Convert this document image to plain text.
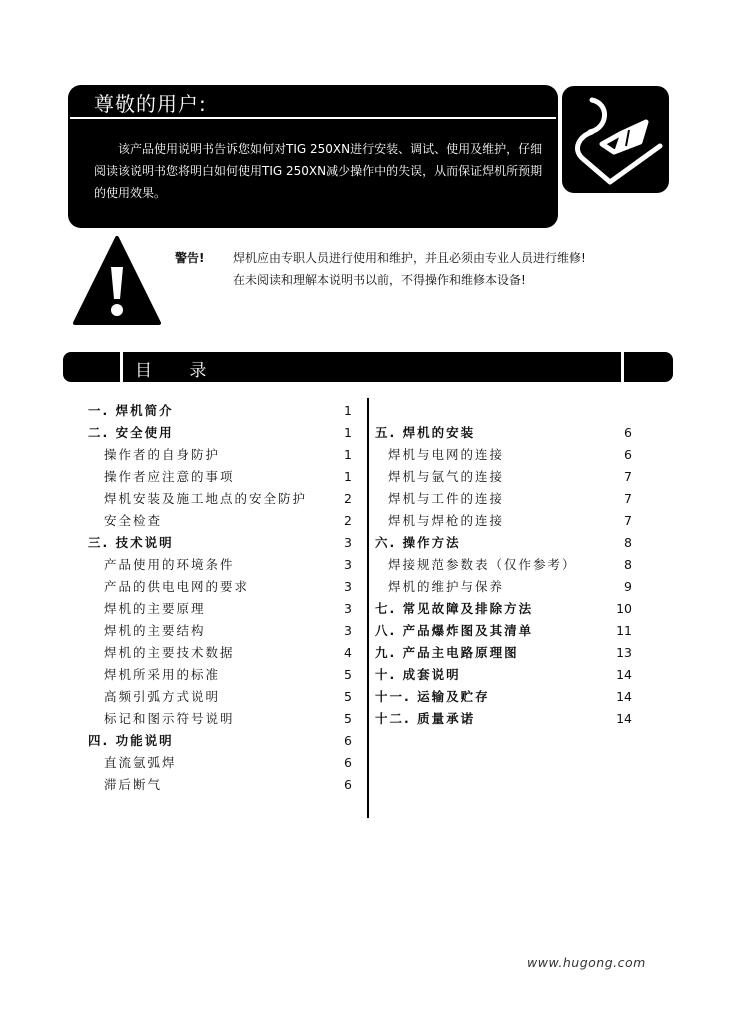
尊敬的用户:
该产品使用说明书告诉您如何对TIG 250XN进行安装、调试、使用及维护，仔细阅读该说明书您将明白如何使用TIG 250XN减少操作中的失误，从而保证焊机所预期的使用效果。
警告! 焊机应由专职人员进行使用和维护，并且必须由专业人员进行维修!
在未阅读和理解本说明书以前，不得操作和维修本设备!
目 录
一. 焊机简介	1
二. 安全使用	1
操作者的自身防护	1
操作者应注意的事项	1
焊机安装及施工地点的安全防护	2
安全检查	2
三. 技术说明	3
产品使用的环境条件	3
产品的供电电网的要求	3
焊机的主要原理	3
焊机的主要结构	3
焊机的主要技术数据	4
焊机所采用的标准	5
高频引弧方式说明	5
标记和图示符号说明	5
四. 功能说明	6
直流氩弧焊	6
滞后断气	6
五. 焊机的安装	6
焊机与电网的连接	6
焊机与氩气的连接	7
焊机与工件的连接	7
焊机与焊枪的连接	7
六. 操作方法	8
焊接规范参数表（仅作参考）	8
焊机的维护与保养	9
七. 常见故障及排除方法	10
八. 产品爆炸图及其清单	11
九. 产品主电路原理图	13
十. 成套说明	14
十一. 运输及贮存	14
十二. 质量承诺	14
www.hugong.com
